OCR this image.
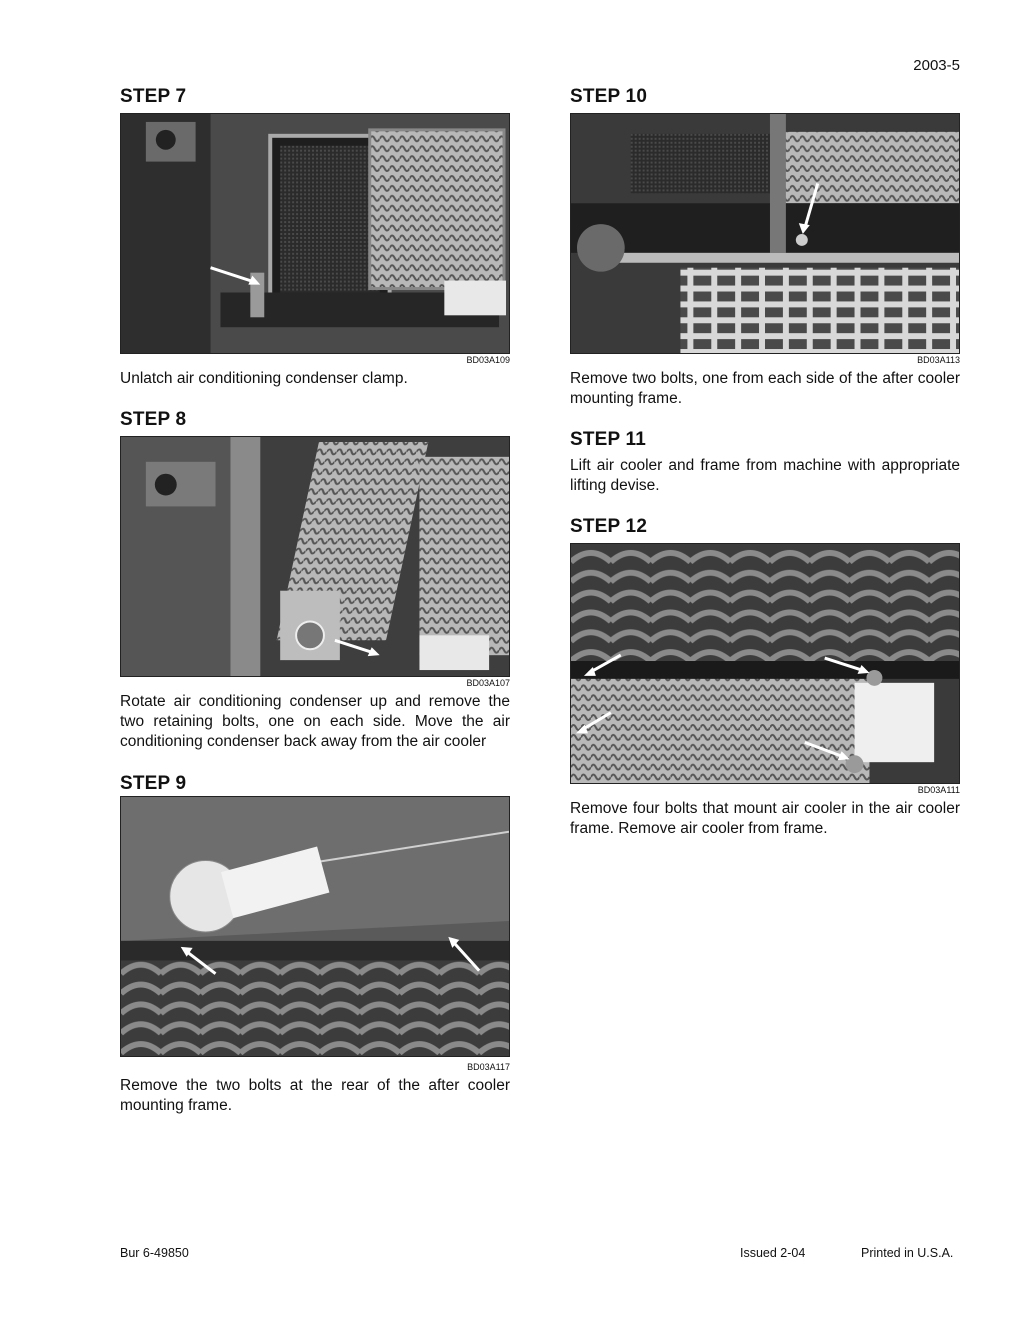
2003-5
STEP 7
BD03A109
Unlatch air conditioning condenser clamp.
STEP 8
BD03A107
Rotate air conditioning condenser up and remove the two retaining bolts, one on each side. Move the air conditioning condenser back away from the air cooler
STEP 9
BD03A117
Remove the two bolts at the rear of the after cooler mounting frame.
STEP 10
BD03A113
Remove two bolts, one from each side of the after cooler mounting frame.
STEP 11
Lift air cooler and frame from machine with appropriate lifting devise.
STEP 12
BD03A111
Remove four bolts that mount air cooler in the air cooler frame. Remove air cooler from frame.
Bur 6-49850	Issued 2-04	Printed in U.S.A.
